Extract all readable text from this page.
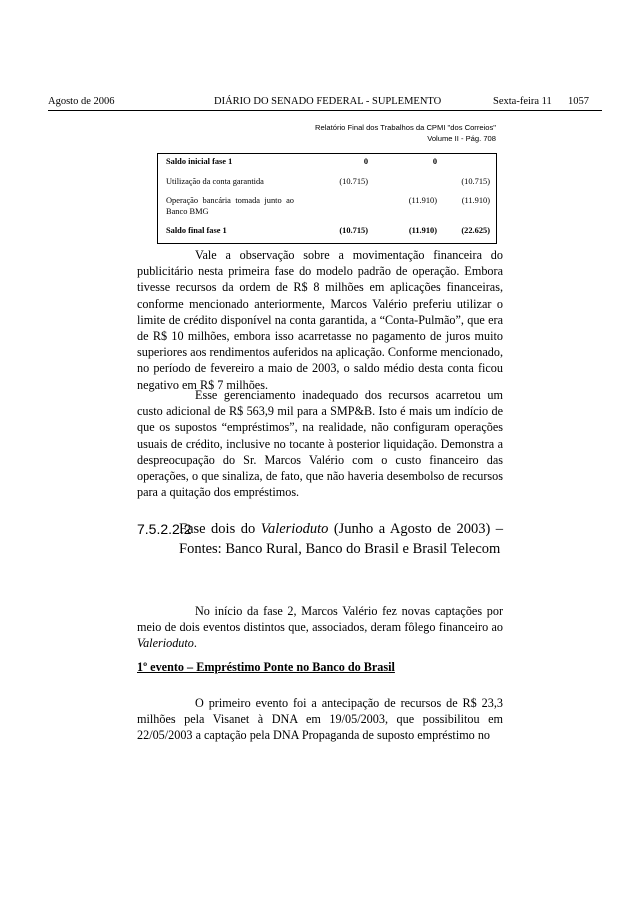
Agosto de 2006	DIÁRIO DO SENADO FEDERAL - SUPLEMENTO	Sexta-feira 11 1057
Relatório Final dos Trabalhos da CPMI "dos Correios"
Volume II - Pág. 708
Saldo inicial fase 1	0	0	
Utilização da conta garantida	(10.715)		(10.715)
Operação bancária tomada junto ao Banco BMG		(11.910)	(11.910)
Saldo final fase 1	(10.715)	(11.910)	(22.625)

Vale a observação sobre a movimentação financeira do publicitário nesta primeira fase do modelo padrão de operação. Embora tivesse recursos da ordem de R$ 8 milhões em aplicações financeiras, conforme mencionado anteriormente, Marcos Valério preferiu utilizar o limite de crédito disponível na conta garantida, a “Conta-Pulmão”, que era de R$ 10 milhões, embora isso acarretasse no pagamento de juros muito superiores aos rendimentos auferidos na aplicação. Conforme mencionado, no período de fevereiro a maio de 2003, o saldo médio desta conta ficou negativo em R$ 7 milhões.

Esse gerenciamento inadequado dos recursos acarretou um custo adicional de R$ 563,9 mil para a SMP&B. Isto é mais um indício de que os supostos “empréstimos”, na realidade, não configuram operações usuais de crédito, inclusive no tocante à posterior liquidação. Demonstra a despreocupação do Sr. Marcos Valério com o custo financeiro das operações, o que sinaliza, de fato, que não haveria desembolso de recursos para a quitação dos empréstimos.

7.5.2.2.2

Fase dois do Valerioduto (Junho a Agosto de 2003) – Fontes: Banco Rural, Banco do Brasil e Brasil Telecom

No início da fase 2, Marcos Valério fez novas captações por meio de dois eventos distintos que, associados, deram fôlego financeiro ao Valerioduto.

1º evento – Empréstimo Ponte no Banco do Brasil

O primeiro evento foi a antecipação de recursos de R$ 23,3 milhões pela Visanet à DNA em 19/05/2003, que possibilitou em 22/05/2003 a captação pela DNA Propaganda de suposto empréstimo no
